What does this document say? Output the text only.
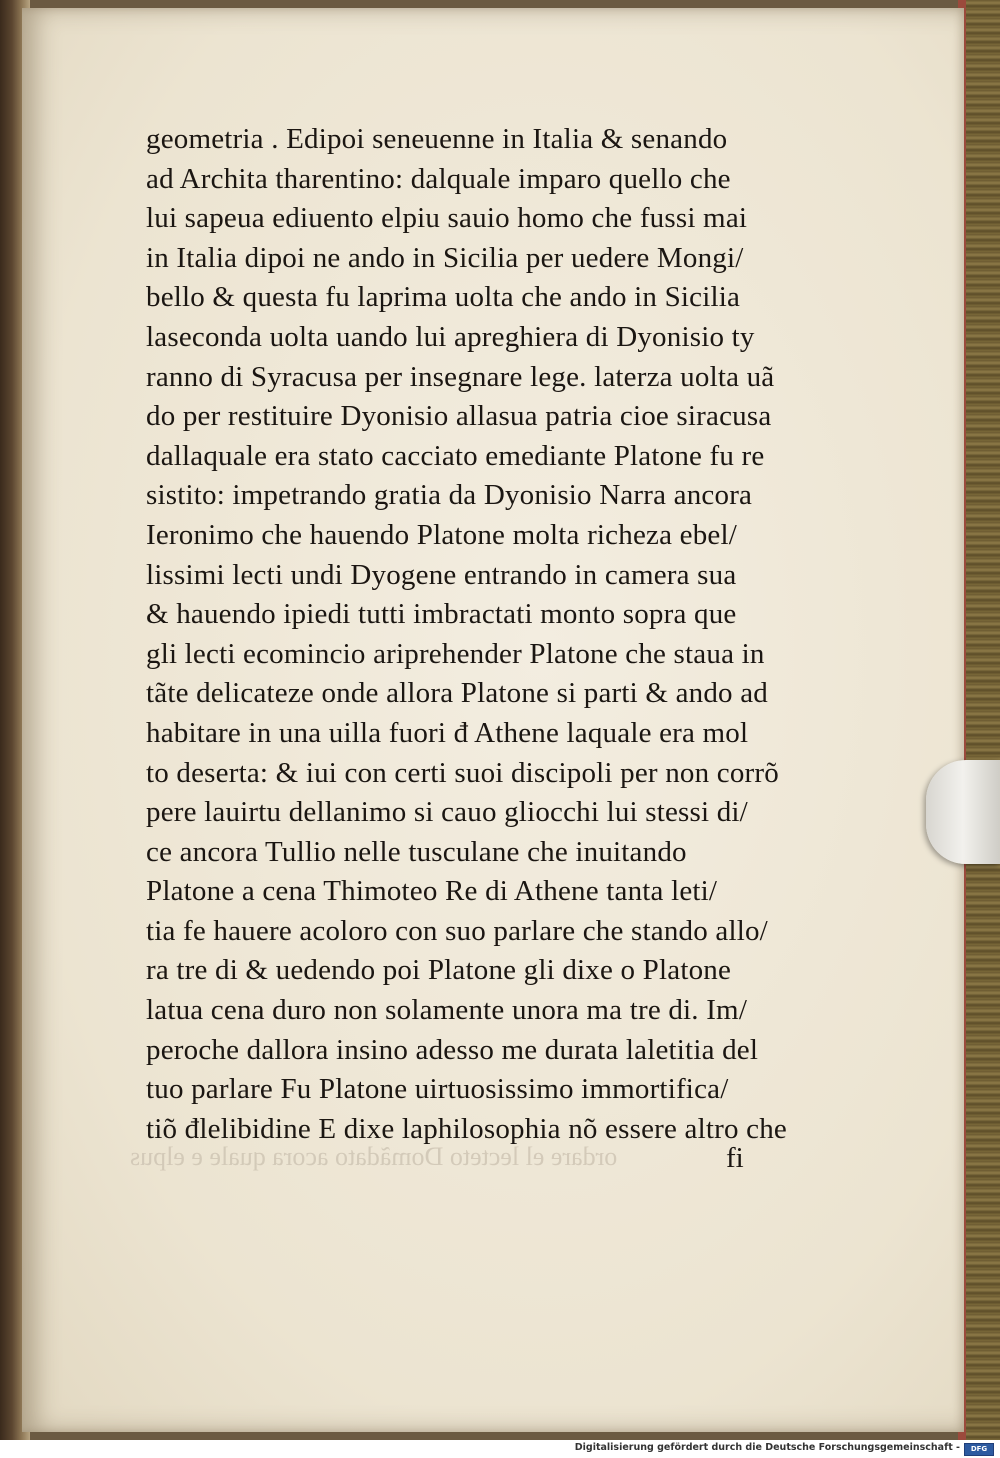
ordare el lecteto Domãdato acora quale e elpus
geometria . Edipoi seneuenne in Italia & senando
ad Archita tharentino: dalquale imparo quello che
lui sapeua ediuento elpiu sauio homo che fussi mai
in Italia dipoi ne ando in Sicilia per uedere Mongi/
bello & questa fu laprima uolta che ando in Sicilia
laseconda uolta uando lui apreghiera di Dyonisio ty
ranno di Syracusa per insegnare lege. laterza uolta uã
do per restituire Dyonisio allasua patria cioe siracusa
dallaquale era stato cacciato emediante Platone fu re
sistito: impetrando gratia da Dyonisio Narra ancora
Ieronimo che hauendo Platone molta richeza ebel/
lissimi lecti undi Dyogene entrando in camera sua
& hauendo ipiedi tutti imbractati monto sopra que
gli lecti ecomincio ariprehender Platone che staua in
tãte delicateze onde allora Platone si parti & ando ad
habitare in una uilla fuori đ Athene laquale era mol
to deserta: & iui con certi suoi discipoli per non corrõ
pere lauirtu dellanimo si cauo gliocchi lui stessi di/
ce ancora Tullio nelle tusculane che inuitando
Platone a cena Thimoteo Re di Athene tanta leti/
tia fe hauere acoloro con suo parlare che stando allo/
ra tre di & uedendo poi Platone gli dixe o Platone
latua cena duro non solamente unora ma tre di. Im/
peroche dallora insino adesso me durata laletitia del
tuo parlare Fu Platone uirtuosissimo immortifica/
tiõ đlelibidine E dixe laphilosophia nõ essere altro che
fi
Digitalisierung gefördert durch die Deutsche Forschungsgemeinschaft -	DFG
